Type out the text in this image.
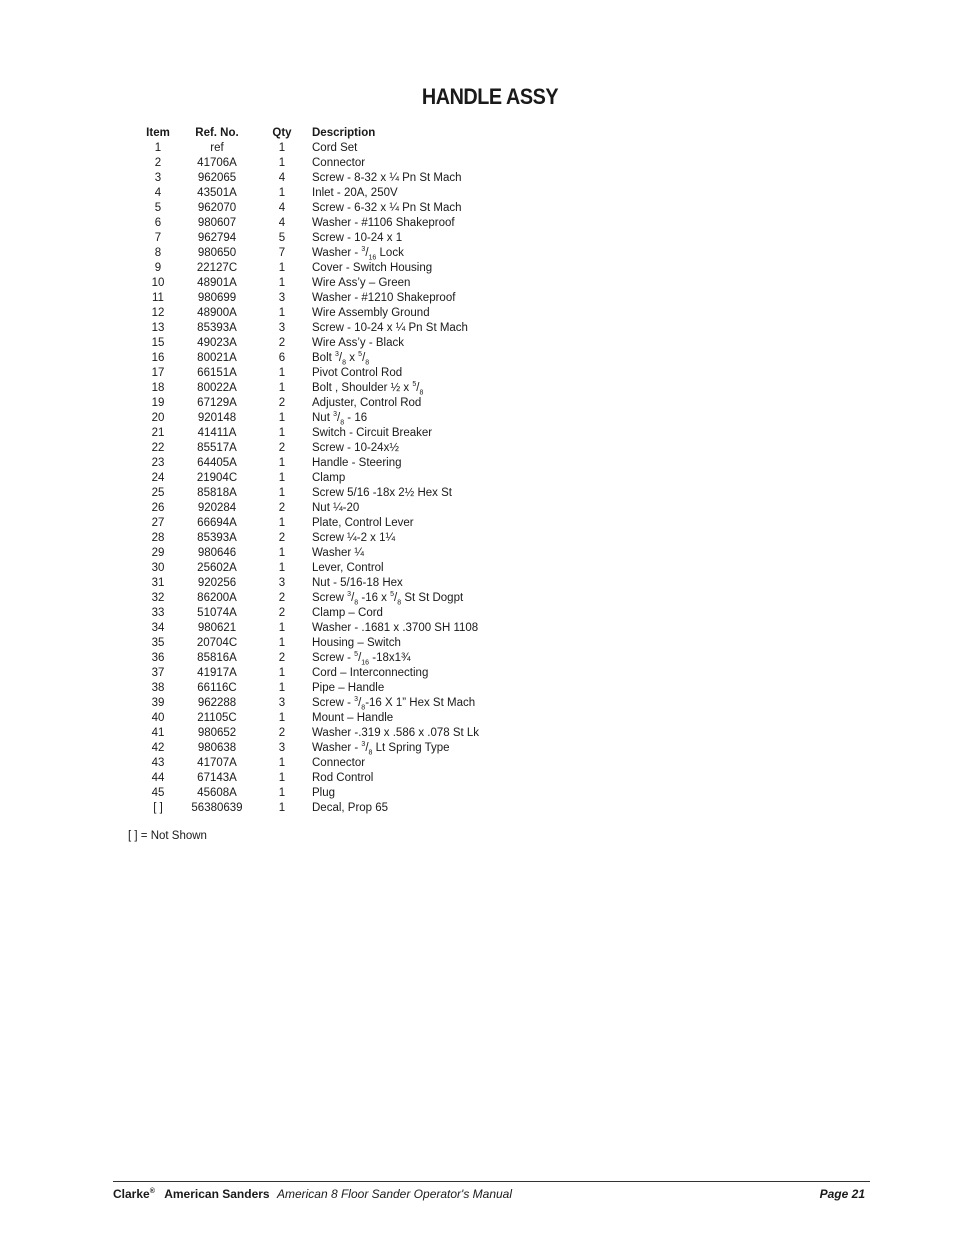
HANDLE ASSY
Item	Ref. No.	Qty	Description
1	ref	1	Cord Set
2	41706A	1	Connector
3	962065	4	Screw - 8-32 x ¼ Pn St Mach
4	43501A	1	Inlet - 20A, 250V
5	962070	4	Screw - 6-32 x ¼ Pn St Mach
6	980607	4	Washer - #1106 Shakeproof
7	962794	5	Screw - 10-24 x 1
8	980650	7	Washer - $^3/_{16}$ Lock
9	22127C	1	Cover - Switch Housing
10	48901A	1	Wire Ass’y – Green
11	980699	3	Washer - #1210 Shakeproof
12	48900A	1	Wire Assembly Ground
13	85393A	3	Screw - 10-24 x ¼ Pn St Mach
15	49023A	2	Wire Ass’y - Black
16	80021A	6	Bolt $^3/_8$ x $^5/_8$
17	66151A	1	Pivot Control Rod
18	80022A	1	Bolt , Shoulder ½ x $^5/_8$
19	67129A	2	Adjuster, Control Rod
20	920148	1	Nut $^3/_8 - 16$
21	41411A	1	Switch - Circuit Breaker
22	85517A	2	Screw - 10-24x½
23	64405A	1	Handle - Steering
24	21904C	1	Clamp
25	85818A	1	Screw 5/16 -18x 2½ Hex St
26	920284	2	Nut ¼-20
27	66694A	1	Plate, Control Lever
28	85393A	2	Screw ¼-2 x 1¼
29	980646	1	Washer ¼
30	25602A	1	Lever, Control
31	920256	3	Nut - 5/16-18 Hex
32	86200A	2	Screw $^3/_8$ -16 x $^5/_8$ St St Dogpt
33	51074A	2	Clamp – Cord
34	980621	1	Washer - .1681 x .3700 SH 1108
35	20704C	1	Housing – Switch
36	85816A	2	Screw - $^5/_{16}$ -18x1¾
37	41917A	1	Cord – Interconnecting
38	66116C	1	Pipe – Handle
39	962288	3	Screw - $^3/_8-16$ X 1” Hex St Mach
40	21105C	1	Mount – Handle
41	980652	2	Washer -.319 x .586 x .078 St Lk
42	980638	3	Washer - $^3/_8$ Lt Spring Type
43	41707A	1	Connector
44	67143A	1	Rod Control
45	45608A	1	Plug
[ ]	56380639	1	Decal, Prop 65
[ ] = Not Shown
Clarke® American Sanders American 8 Floor Sander Operator's Manual	Page 21
